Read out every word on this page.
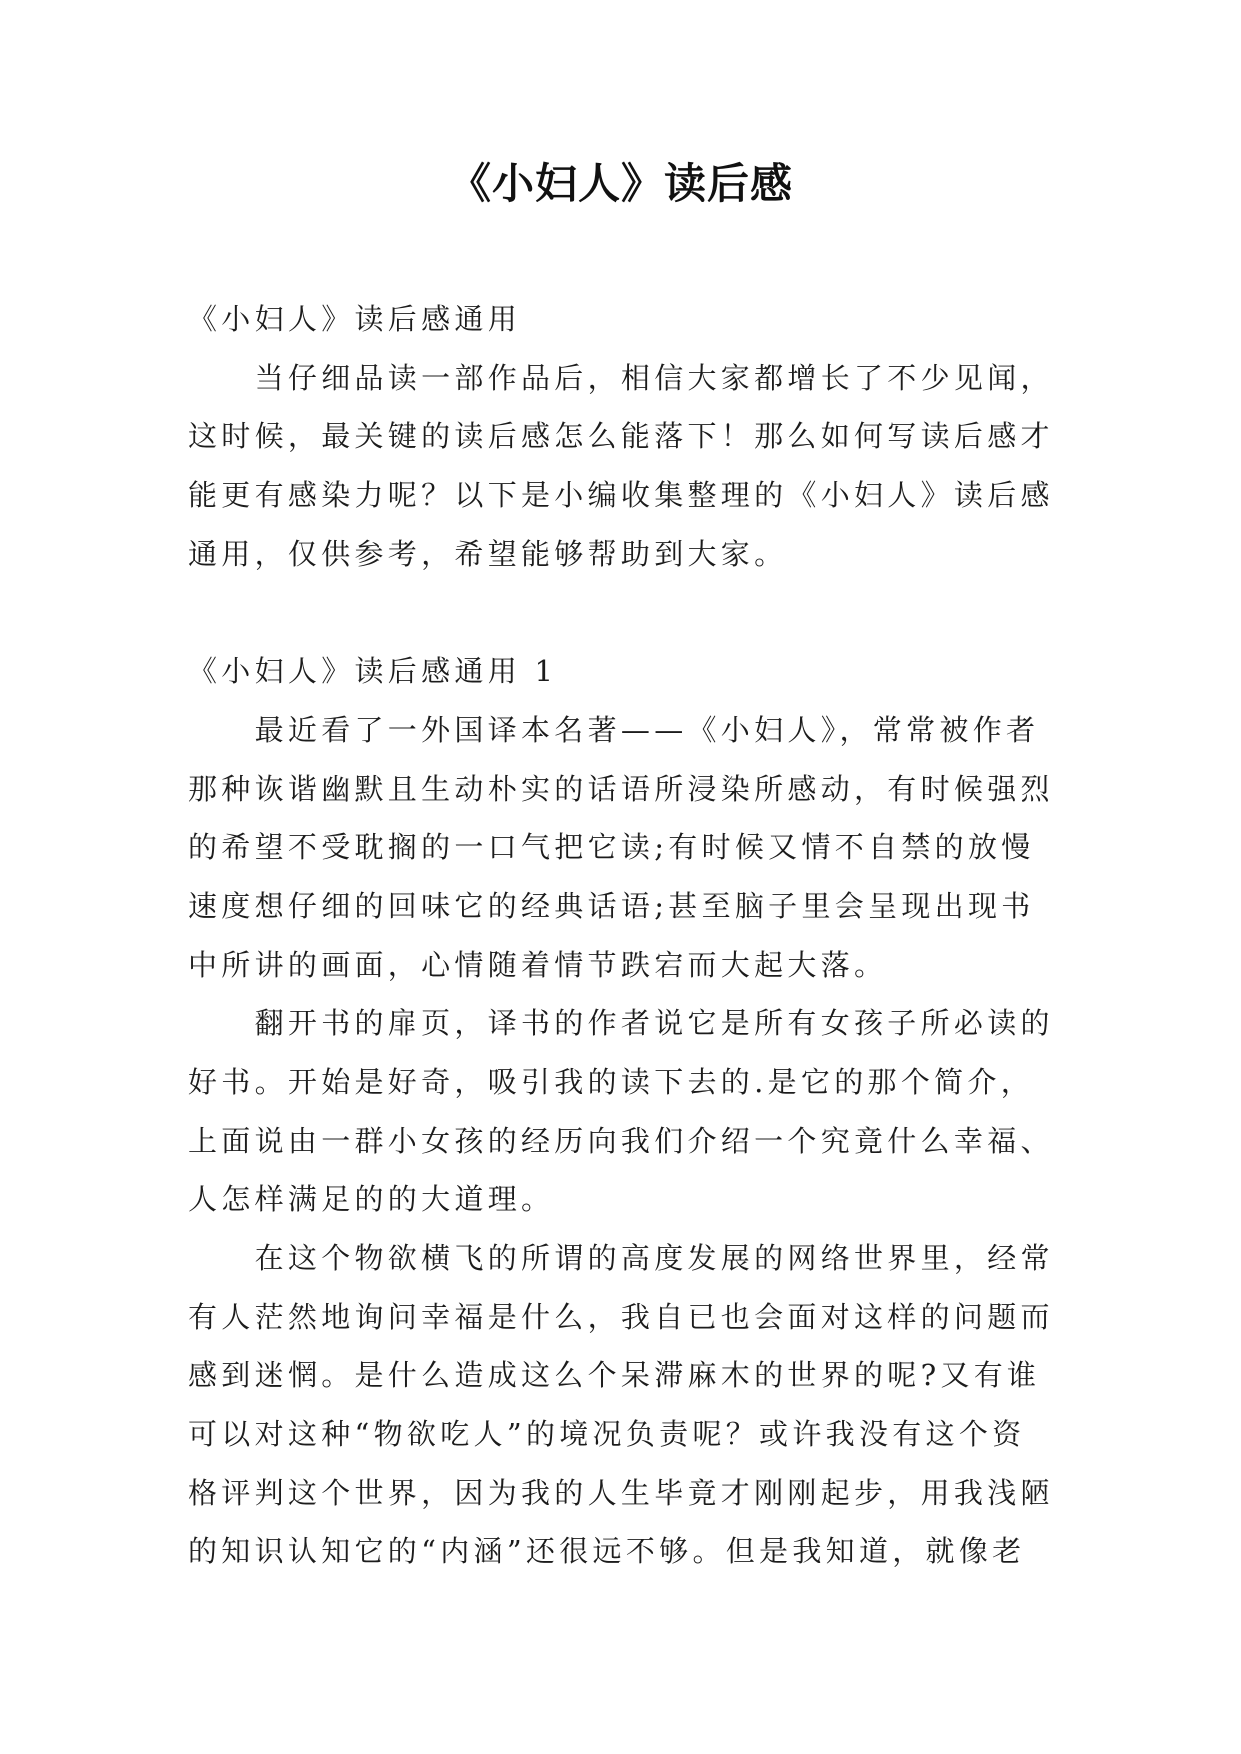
《小妇人》读后感
《小妇人》读后感通用
当仔细品读一部作品后，相信大家都增长了不少见闻，
这时候，最关键的读后感怎么能落下！那么如何写读后感才
能更有感染力呢？以下是小编收集整理的《小妇人》读后感
通用，仅供参考，希望能够帮助到大家。
《小妇人》读后感通用 1
最近看了一外国译本名著——《小妇人》，常常被作者
那种诙谐幽默且生动朴实的话语所浸染所感动，有时候强烈
的希望不受耽搁的一口气把它读;有时候又情不自禁的放慢
速度想仔细的回味它的经典话语;甚至脑子里会呈现出现书
中所讲的画面，心情随着情节跌宕而大起大落。
翻开书的扉页，译书的作者说它是所有女孩子所必读的
好书。开始是好奇，吸引我的读下去的.是它的那个简介，
上面说由一群小女孩的经历向我们介绍一个究竟什么幸福、
人怎样满足的的大道理。
在这个物欲横飞的所谓的高度发展的网络世界里，经常
有人茫然地询问幸福是什么，我自已也会面对这样的问题而
感到迷惘。是什么造成这么个呆滞麻木的世界的呢?又有谁
可以对这种“物欲吃人”的境况负责呢？或许我没有这个资
格评判这个世界，因为我的人生毕竟才刚刚起步，用我浅陋
的知识认知它的“内涵”还很远不够。但是我知道，就像老
